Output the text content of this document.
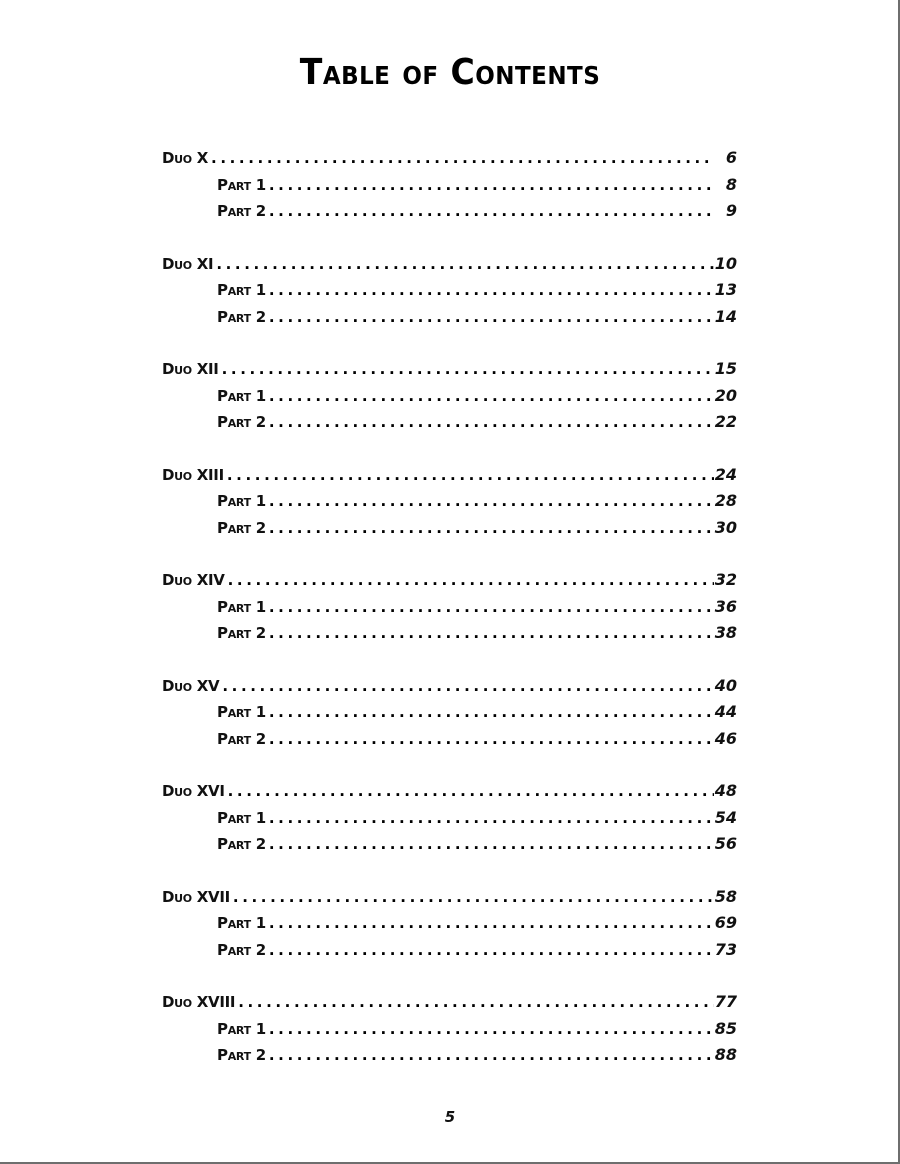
Table of Contents
Duo X .....	6
Part 1 .....	8
Part 2 .....	9
Duo XI .....	10
Part 1 .....	13
Part 2 .....	14
Duo XII .....	15
Part 1 .....	20
Part 2 .....	22
Duo XIII .....	24
Part 1 .....	28
Part 2 .....	30
Duo XIV .....	32
Part 1 .....	36
Part 2 .....	38
Duo XV .....	40
Part 1 .....	44
Part 2 .....	46
Duo XVI .....	48
Part 1 .....	54
Part 2 .....	56
Duo XVII .....	58
Part 1 .....	69
Part 2 .....	73
Duo XVIII .....	77
Part 1 .....	85
Part 2 .....	88
5
